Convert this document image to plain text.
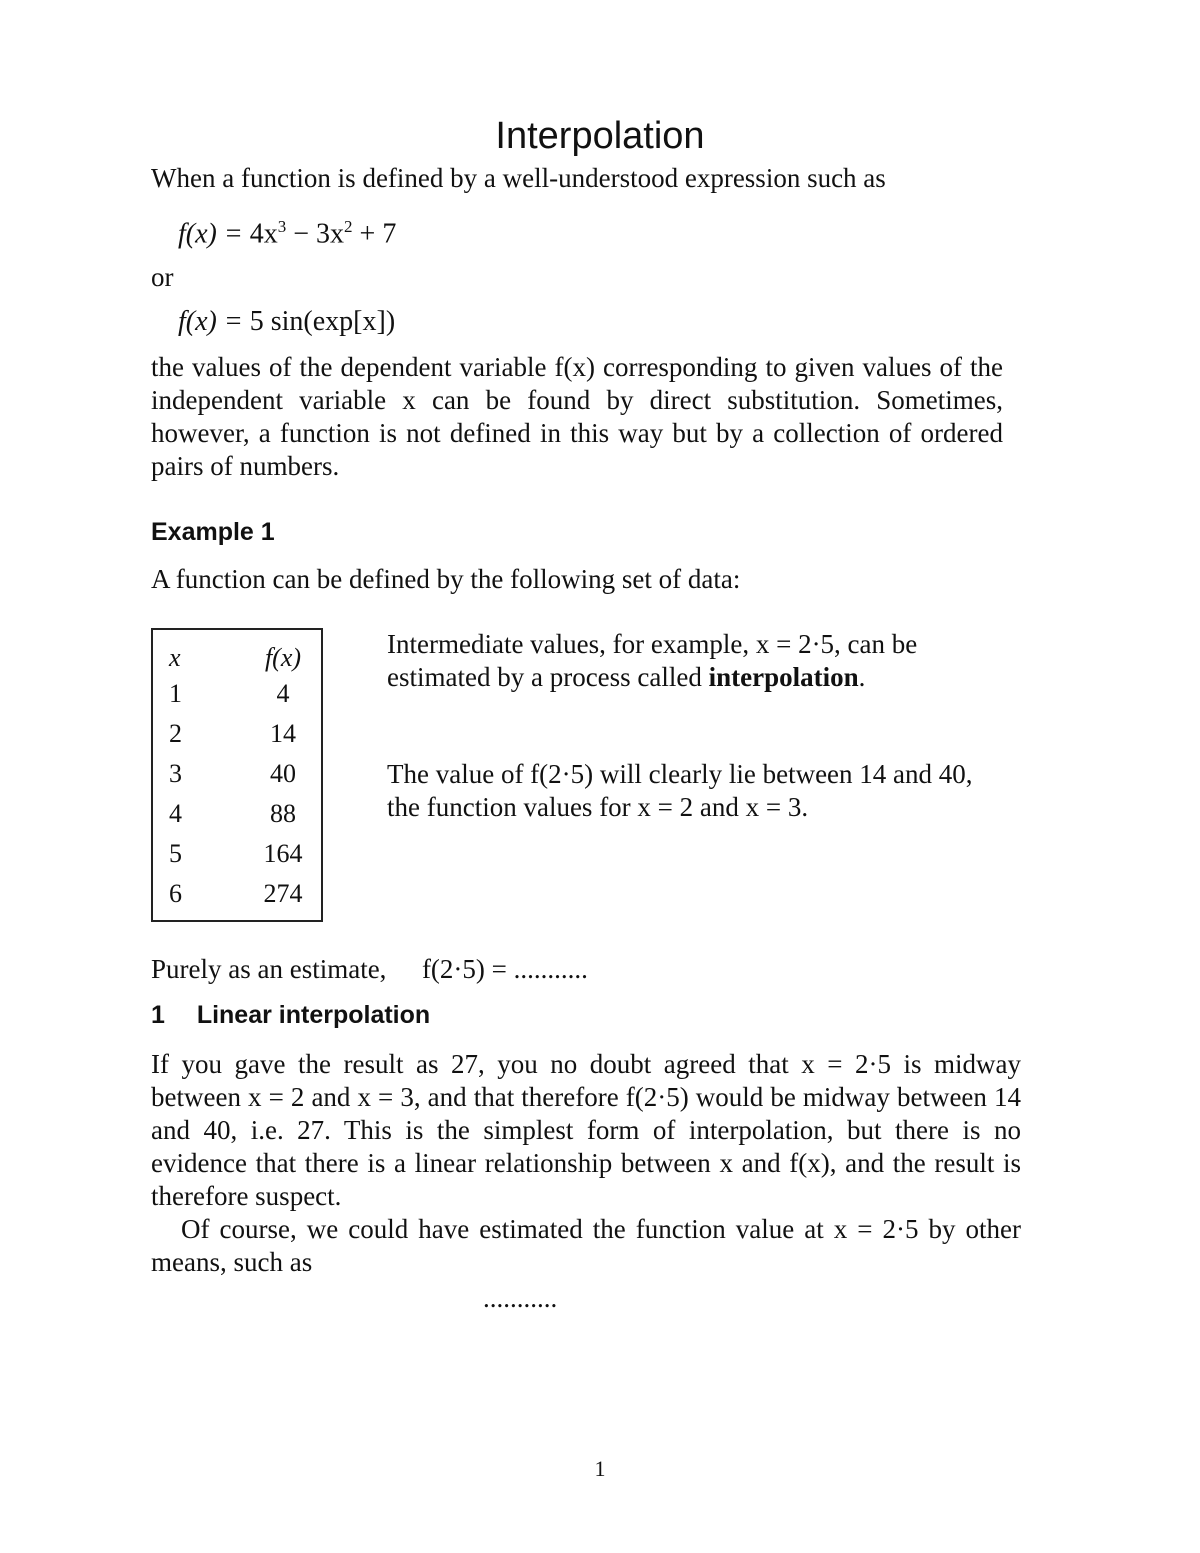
Interpolation
When a function is defined by a well-understood expression such as
$f(x) = 4x^3 - 3x^2 + 7$
or
f(x) = 5 sin(exp[x])
the values of the dependent variable f(x) corresponding to given values of the independent variable x can be found by direct substitution. Sometimes, however, a function is not defined in this way but by a collection of ordered pairs of numbers.
Example 1
A function can be defined by the following set of data:
x	f(x)
1	4
2	14
3	40
4	88
5	164
6	274
Intermediate values, for example, x = 2·5, can be estimated by a process called interpolation.
The value of f(2·5) will clearly lie between 14 and 40, the function values for x = 2 and x = 3.
Purely as an estimate, f(2·5) = ...........
1 Linear interpolation
If you gave the result as 27, you no doubt agreed that x = 2·5 is midway between x = 2 and x = 3, and that therefore f(2·5) would be midway between 14 and 40, i.e. 27. This is the simplest form of interpolation, but there is no evidence that there is a linear relationship between x and f(x), and the result is therefore suspect.
Of course, we could have estimated the function value at x = 2·5 by other means, such as
...........
1
